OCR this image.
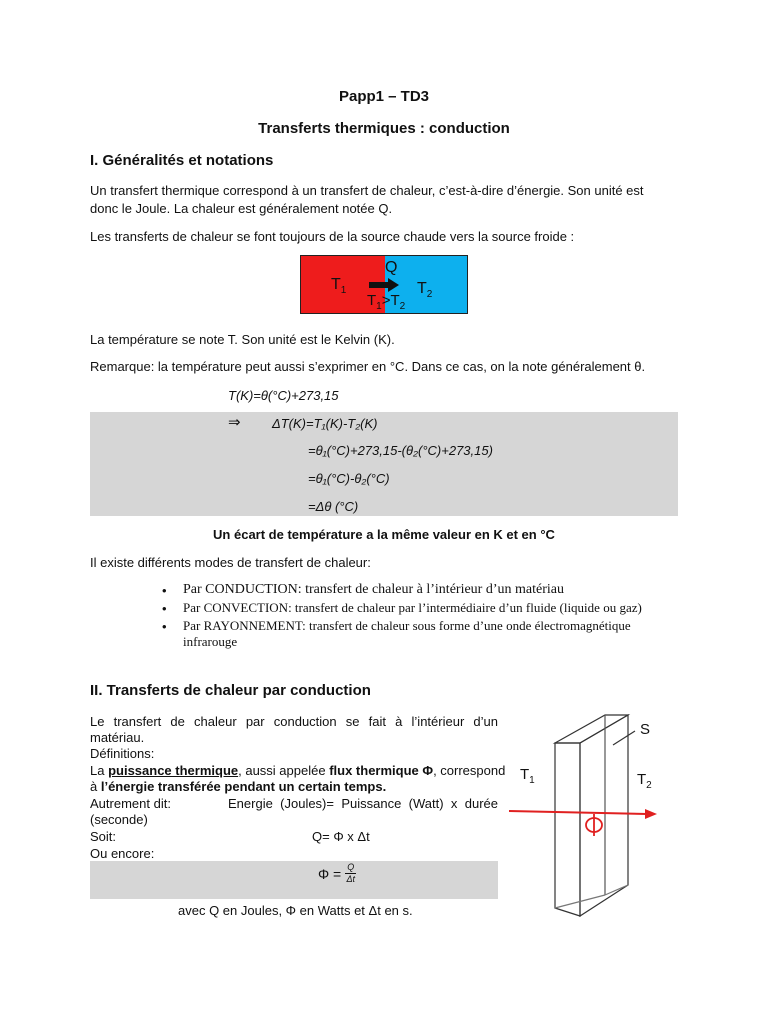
Papp1 – TD3
Transferts thermiques : conduction
I. Généralités et notations
Un transfert thermique correspond à un transfert de chaleur, c’est-à-dire d’énergie. Son unité est
donc le Joule. La chaleur est généralement notée Q.
Les transferts de chaleur se font toujours de la source chaude vers la source froide :
$T_1$	$T_2$
Q
$T_1>T_2$
La température se note T. Son unité est le Kelvin (K).
Remarque: la température peut aussi s’exprimer en °C. Dans ce cas, on la note généralement θ.
T(K)=θ(°C)+273,15
⇒ ΔT(K)=T₁(K)-T₂(K)
=θ₁(°C)+273,15-(θ₂(°C)+273,15)
=θ₁(°C)-θ₂(°C)
=Δθ (°C)
Un écart de température a la même valeur en K et en °C
Il existe différents modes de transfert de chaleur:
• Par CONDUCTION: transfert de chaleur à l’intérieur d’un matériau
• Par CONVECTION: transfert de chaleur par l’intermédiaire d’un fluide (liquide ou gaz)
• Par RAYONNEMENT: transfert de chaleur sous forme d’une onde électromagnétique
infrarouge
II. Transferts de chaleur par conduction
Le transfert de chaleur par conduction se fait à l’intérieur d’un
matériau.
Définitions:
La puissance thermique, aussi appelée flux thermique Φ, correspond
à l’énergie transférée pendant un certain temps.
Autrement dit:	Energie (Joules)= Puissance (Watt) x durée
(seconde)
Soit:	Q= Φ x Δt
Ou encore:
$\Phi = \frac{Q}{\Delta t}$
avec Q en Joules, Φ en Watts et Δt en s.
S
$T_1$	$T_2$
